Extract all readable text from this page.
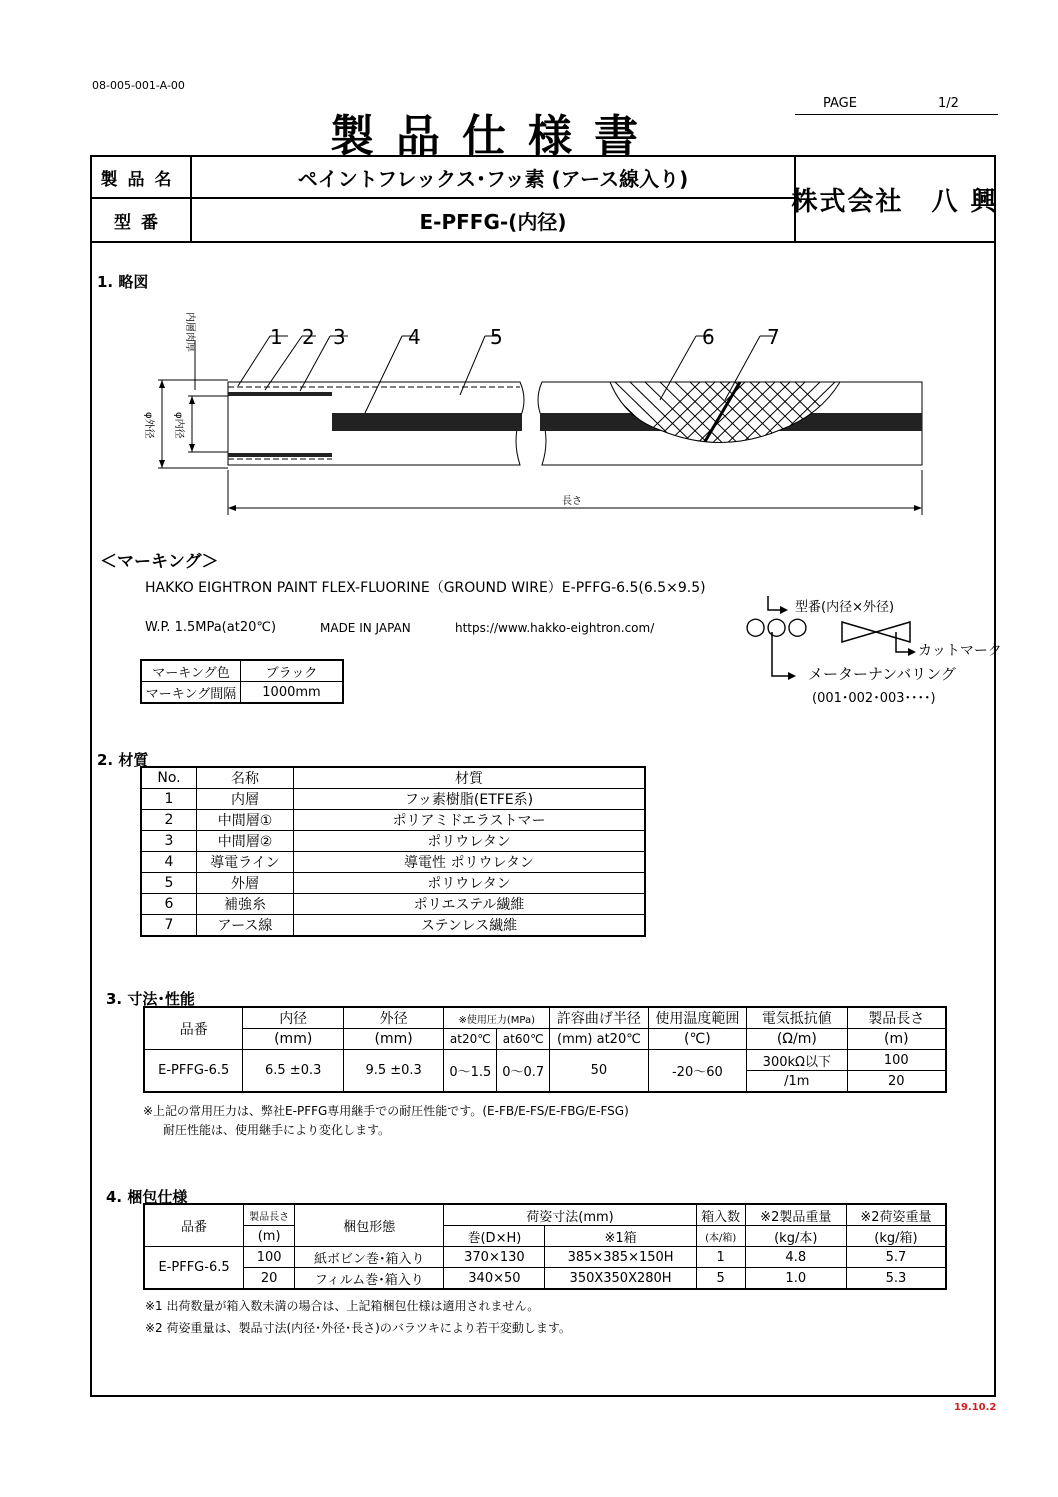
08-005-001-A-00
製品仕様書
PAGE	1/2
製品名	ペイントフレックス･フッ素 (アース線入り)
型番	E-PFFG-(内径)
株式会社　八 興
1. 略図
1 2 3	4	5	6	7
内層肉厚
φ外径 φ内径
長さ
＜マーキング＞
HAKKO EIGHTRON PAINT FLEX-FLUORINE（GROUND WIRE）E-PFFG-6.5(6.5×9.5)
W.P. 1.5MPa(at20℃)	MADE IN JAPAN	https://www.hakko-eightron.com/
型番(内径×外径)
○○○
カットマーク
メーターナンバリング
(001･002･003････)
マーキング色	ブラック
マーキング間隔	1000mm
2. 材質
No.	名称	材質
1	内層	フッ素樹脂(ETFE系)
2	中間層①	ポリアミドエラストマー
3	中間層②	ポリウレタン
4	導電ライン	導電性 ポリウレタン
5	外層	ポリウレタン
6	補強糸	ポリエステル繊維
7	アース線	ステンレス繊維
3. 寸法･性能
品番	内径	外径	※使用圧力(MPa)		許容曲げ半径	使用温度範囲	電気抵抗値	製品長さ
	(mm)	(mm)	at20℃	at60℃	(mm) at20℃	(℃)	(Ω/m)	(m)
E-PFFG-6.5	6.5 ±0.3	9.5 ±0.3	0～1.5	0～0.7	50	-20～60	300kΩ以下	100
							/1m	20
※上記の常用圧力は、弊社E-PFFG専用継手での耐圧性能です。(E-FB/E-FS/E-FBG/E-FSG)
耐圧性能は、使用継手により変化します。
4. 梱包仕様
品番	製品長さ	梱包形態	荷姿寸法(mm)		箱入数	※2製品重量	※2荷姿重量
	(m)		巻(D×H)	※1箱	(本/箱)	(kg/本)	(kg/箱)
E-PFFG-6.5	100	紙ボビン巻･箱入り	370×130	385×385×150H	1	4.8	5.7
	20	フィルム巻･箱入り	340×50	350X350X280H	5	1.0	5.3
※1 出荷数量が箱入数未満の場合は、上記箱梱包仕様は適用されません。
※2 荷姿重量は、製品寸法(内径･外径･長さ)のバラツキにより若干変動します。
19.10.2
